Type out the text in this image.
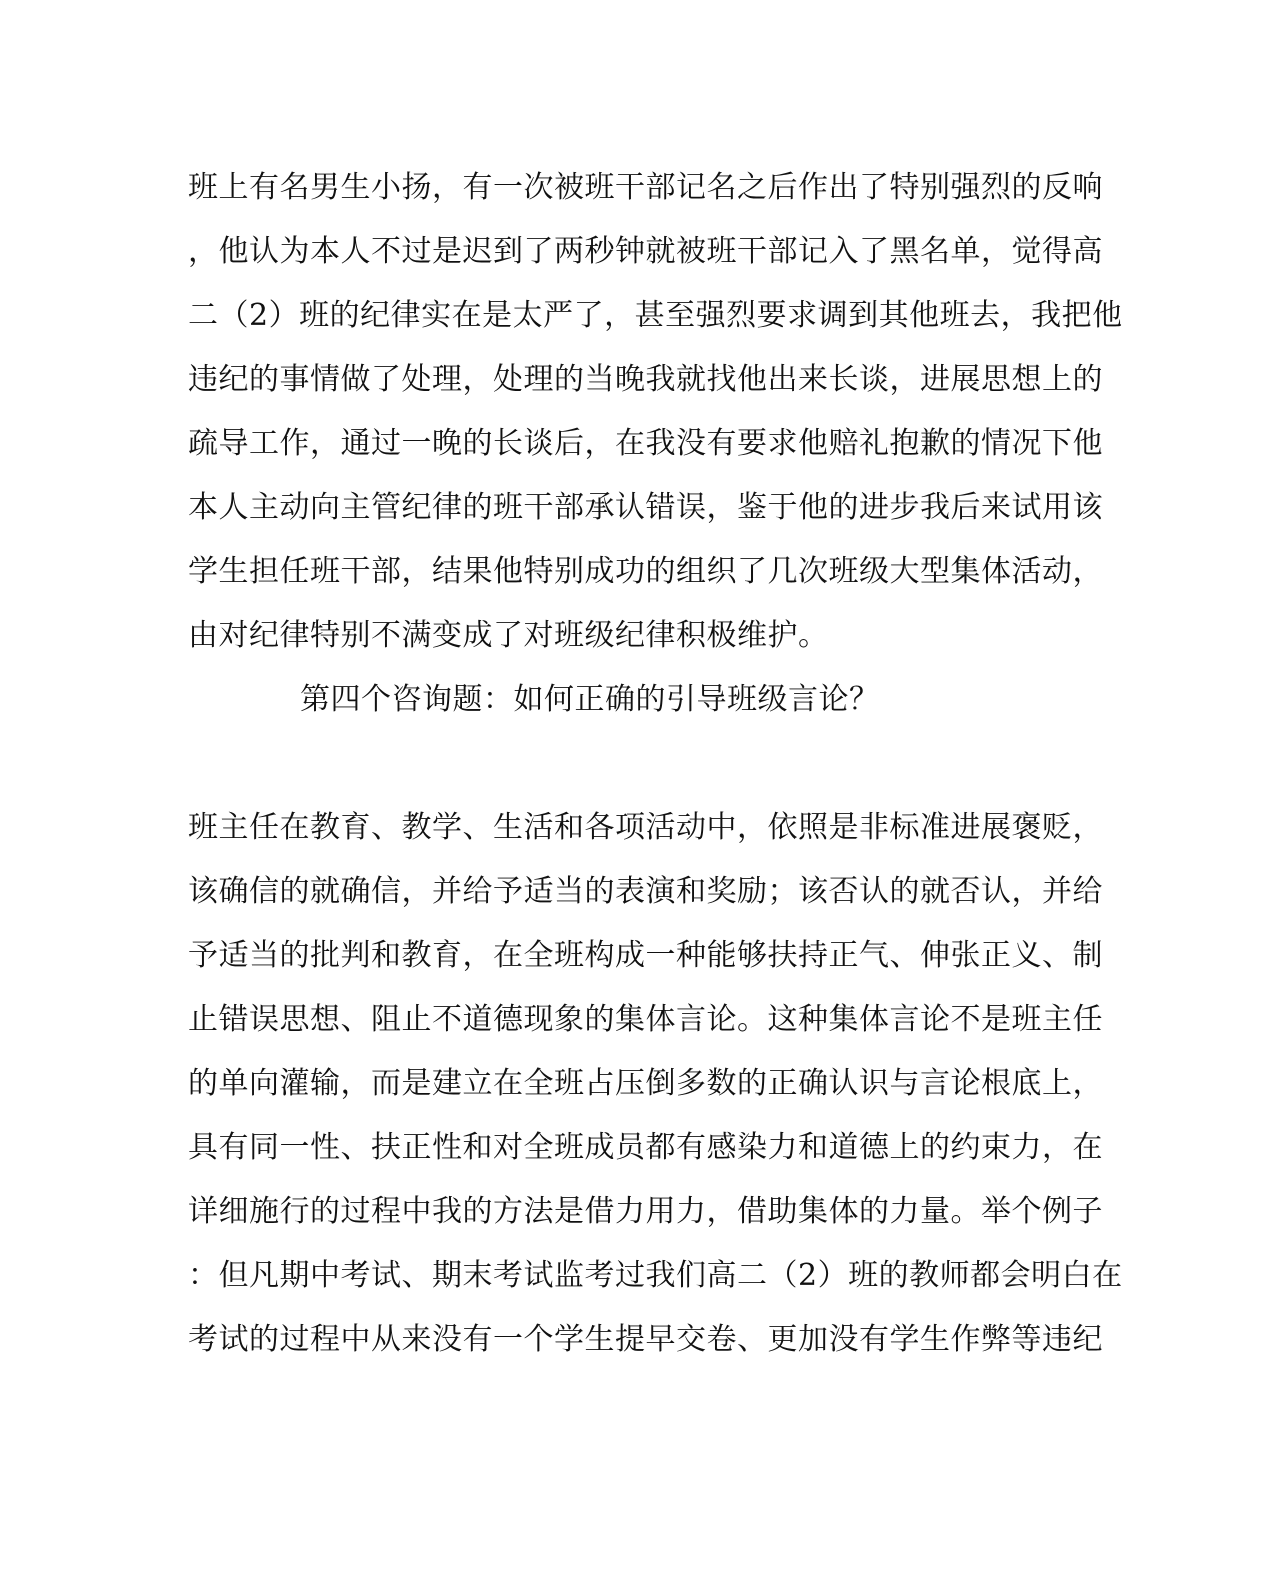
班上有名男生小扬，有一次被班干部记名之后作出了特别强烈的反响
，他认为本人不过是迟到了两秒钟就被班干部记入了黑名单，觉得高
二（2）班的纪律实在是太严了，甚至强烈要求调到其他班去，我把他
违纪的事情做了处理，处理的当晚我就找他出来长谈，进展思想上的
疏导工作，通过一晚的长谈后，在我没有要求他赔礼抱歉的情况下他
本人主动向主管纪律的班干部承认错误，鉴于他的进步我后来试用该
学生担任班干部，结果他特别成功的组织了几次班级大型集体活动，
由对纪律特别不满变成了对班级纪律积极维护。
第四个咨询题：如何正确的引导班级言论？
班主任在教育、教学、生活和各项活动中，依照是非标准进展褒贬，
该确信的就确信，并给予适当的表演和奖励；该否认的就否认，并给
予适当的批判和教育，在全班构成一种能够扶持正气、伸张正义、制
止错误思想、阻止不道德现象的集体言论。这种集体言论不是班主任
的单向灌输，而是建立在全班占压倒多数的正确认识与言论根底上，
具有同一性、扶正性和对全班成员都有感染力和道德上的约束力，在
详细施行的过程中我的方法是借力用力，借助集体的力量。举个例子
：但凡期中考试、期末考试监考过我们高二（2）班的教师都会明白在
考试的过程中从来没有一个学生提早交卷、更加没有学生作弊等违纪
